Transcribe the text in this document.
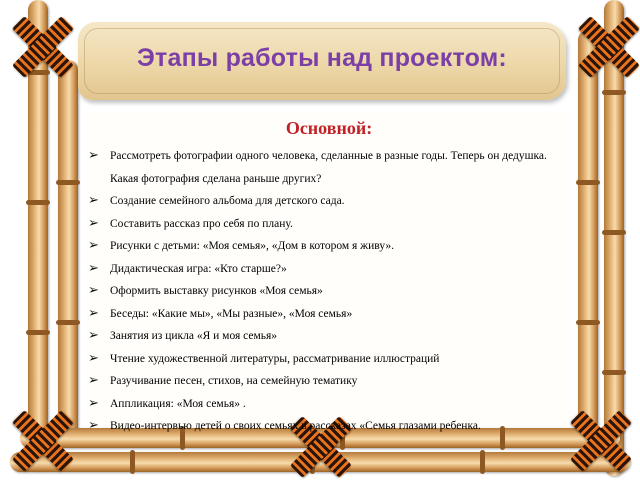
Этапы работы над проектом:
Основной:
➢ Рассмотреть фотографии одного человека, сделанные в разные годы. Теперь он дедушка. Какая фотография сделана раньше других?
➢ Создание семейного альбома для детского сада.
➢ Составить рассказ про себя по плану.
➢ Рисунки с детьми: «Моя семья», «Дом в котором я живу».
➢ Дидактическая игра: «Кто старше?»
➢ Оформить выставку рисунков «Моя семья»
➢ Беседы: «Какие мы», «Мы разные», «Моя семья»
➢ Занятия из цикла «Я и моя семья»
➢ Чтение художественной литературы, рассматривание иллюстраций
➢ Разучивание песен, стихов, на семейную тематику
➢ Аппликация: «Моя семья» .
➢ Видео-интервью детей о своих семьях в рассказах «Семья глазами ребенка.
